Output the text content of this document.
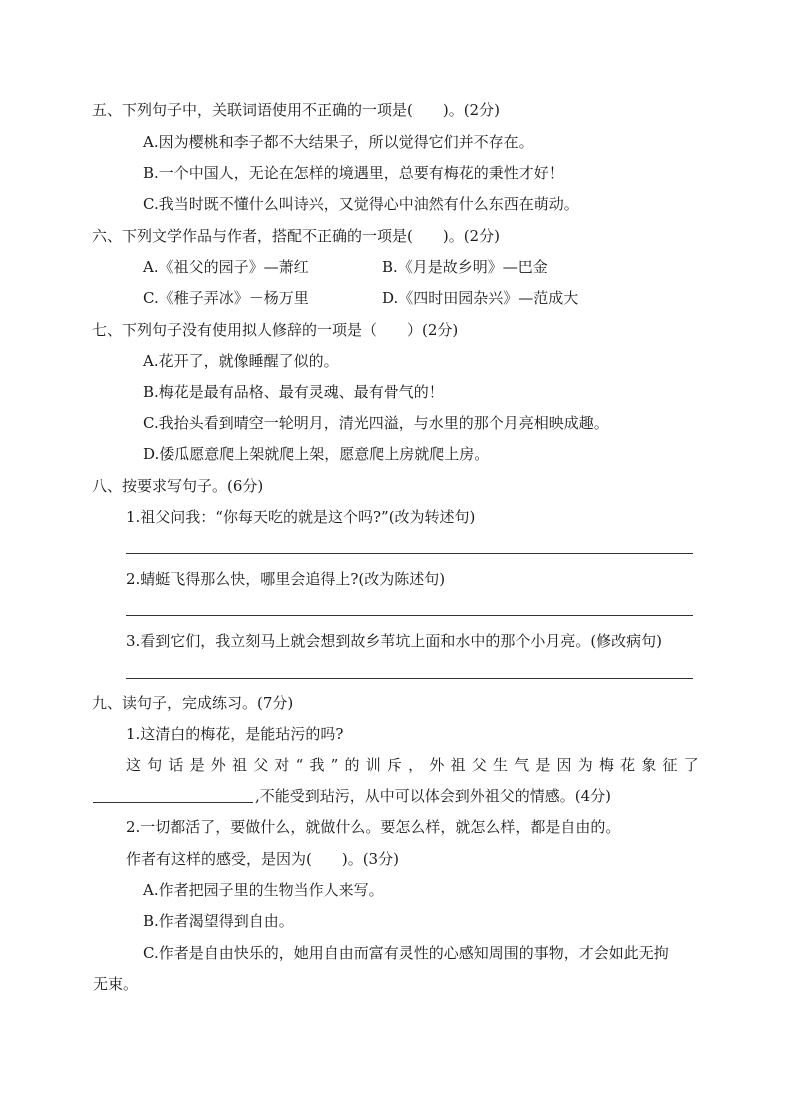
五、下列句子中，关联词语使用不正确的一项是(　　)。(2分)
A.因为樱桃和李子都不大结果子，所以觉得它们并不存在。
B.一个中国人，无论在怎样的境遇里，总要有梅花的秉性才好！
C.我当时既不懂什么叫诗兴，又觉得心中油然有什么东西在萌动。
六、下列文学作品与作者，搭配不正确的一项是(　　)。(2分)
A.《祖父的园子》—萧红	B.《月是故乡明》—巴金
C.《稚子弄冰》－杨万里	D.《四时田园杂兴》—范成大
七、下列句子没有使用拟人修辞的一项是（　　）(2分)
A.花开了，就像睡醒了似的。
B.梅花是最有品格、最有灵魂、最有骨气的！
C.我抬头看到晴空一轮明月，清光四溢，与水里的那个月亮相映成趣。
D.倭瓜愿意爬上架就爬上架，愿意爬上房就爬上房。
八、按要求写句子。(6分)
1.祖父问我：“你每天吃的就是这个吗?”(改为转述句)
2.蜻蜓飞得那么快，哪里会追得上?(改为陈述句)
3.看到它们，我立刻马上就会想到故乡苇坑上面和水中的那个小月亮。(修改病句)
九、读句子，完成练习。(7分)
1.这清白的梅花，是能玷污的吗?
这句话是外祖父对“我”的训斥，外祖父生气是因为梅花象征了
,不能受到玷污，从中可以体会到外祖父的情感。(4分)
2.一切都活了，要做什么，就做什么。要怎么样，就怎么样，都是自由的。
作者有这样的感受，是因为(　　)。(3分)
A.作者把园子里的生物当作人来写。
B.作者渴望得到自由。
C.作者是自由快乐的，她用自由而富有灵性的心感知周围的事物，才会如此无拘
无束。
